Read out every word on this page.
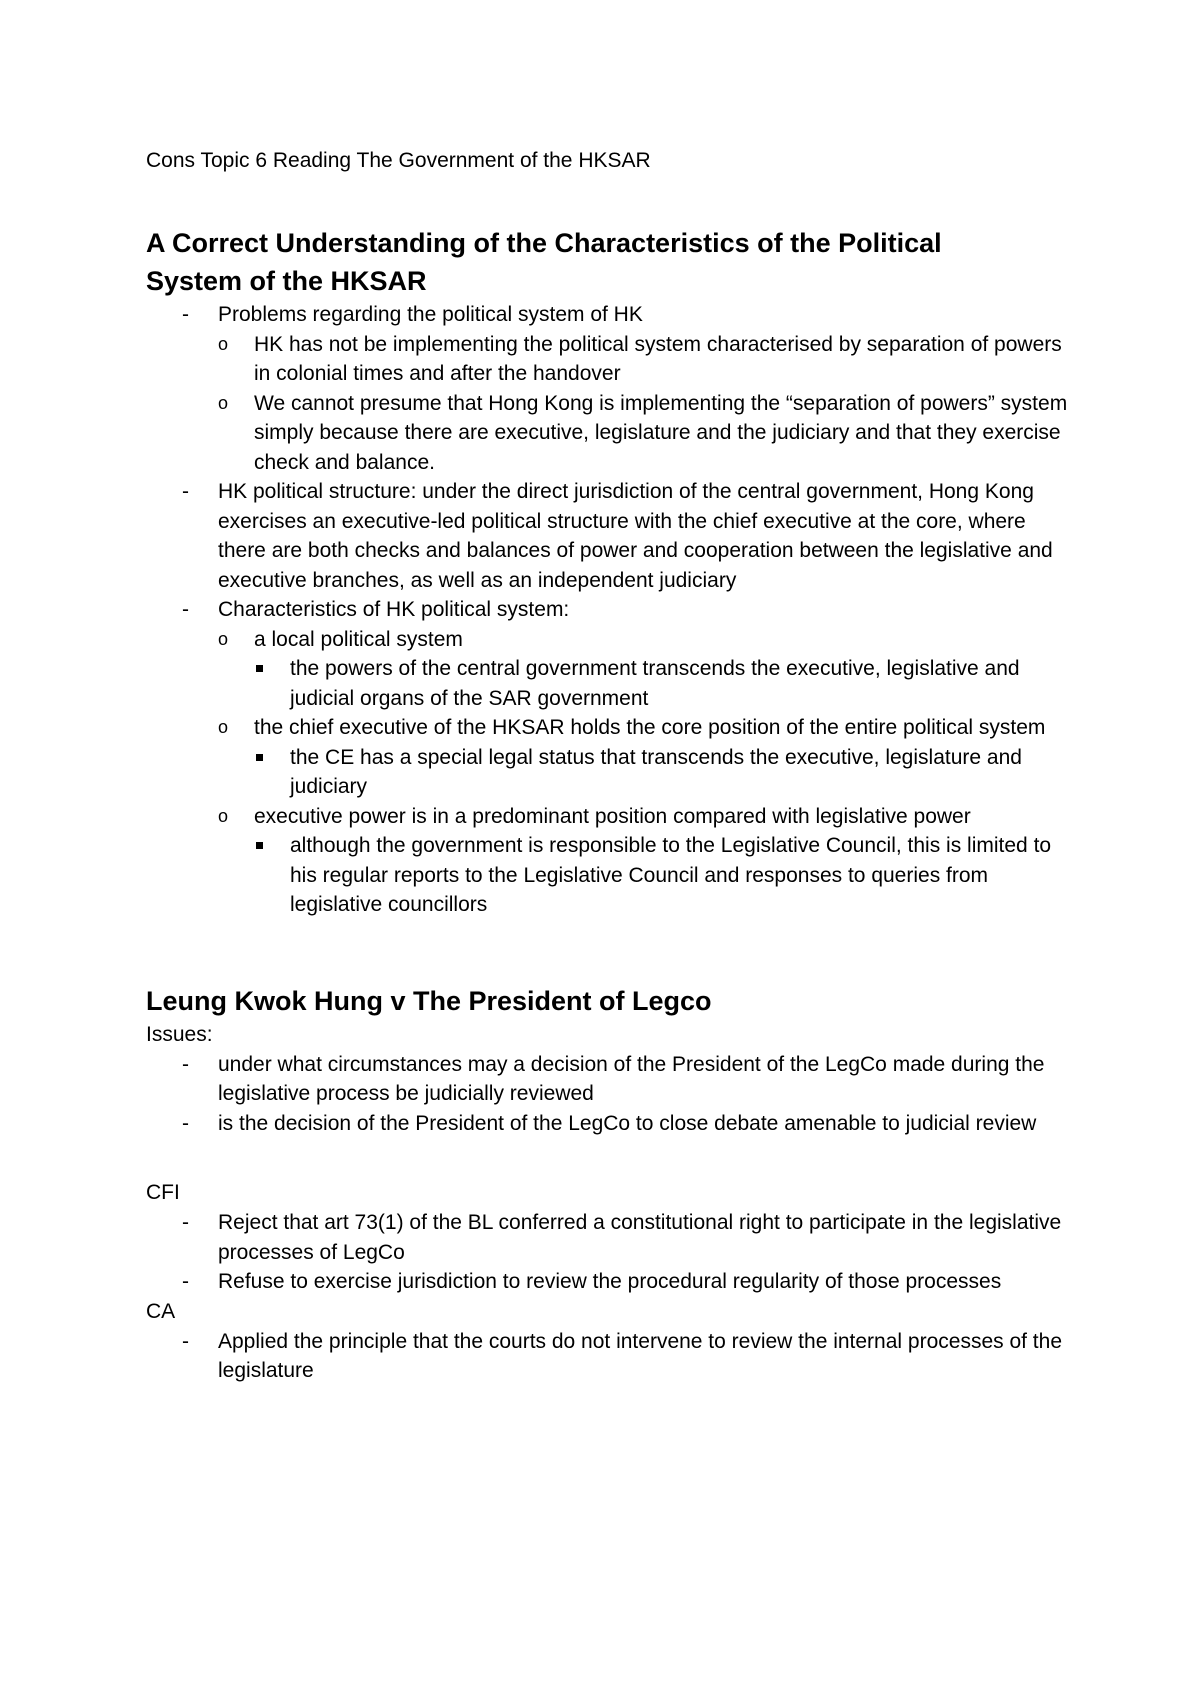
Cons Topic 6 Reading The Government of the HKSAR
A Correct Understanding of the Characteristics of the Political
System of the HKSAR
- Problems regarding the political system of HK
o HK has not be implementing the political system characterised by separation of powers in colonial times and after the handover
o We cannot presume that Hong Kong is implementing the “separation of powers” system simply because there are executive, legislature and the judiciary and that they exercise check and balance.
- HK political structure: under the direct jurisdiction of the central government, Hong Kong exercises an executive-led political structure with the chief executive at the core, where there are both checks and balances of power and cooperation between the legislative and executive branches, as well as an independent judiciary
- Characteristics of HK political system:
o a local political system
the powers of the central government transcends the executive, legislative and judicial organs of the SAR government
o the chief executive of the HKSAR holds the core position of the entire political system
the CE has a special legal status that transcends the executive, legislature and judiciary
o executive power is in a predominant position compared with legislative power
although the government is responsible to the Legislative Council, this is limited to his regular reports to the Legislative Council and responses to queries from legislative councillors
Leung Kwok Hung v The President of Legco
Issues:
- under what circumstances may a decision of the President of the LegCo made during the legislative process be judicially reviewed
- is the decision of the President of the LegCo to close debate amenable to judicial review
CFI
- Reject that art 73(1) of the BL conferred a constitutional right to participate in the legislative processes of LegCo
- Refuse to exercise jurisdiction to review the procedural regularity of those processes
CA
- Applied the principle that the courts do not intervene to review the internal processes of the legislature
